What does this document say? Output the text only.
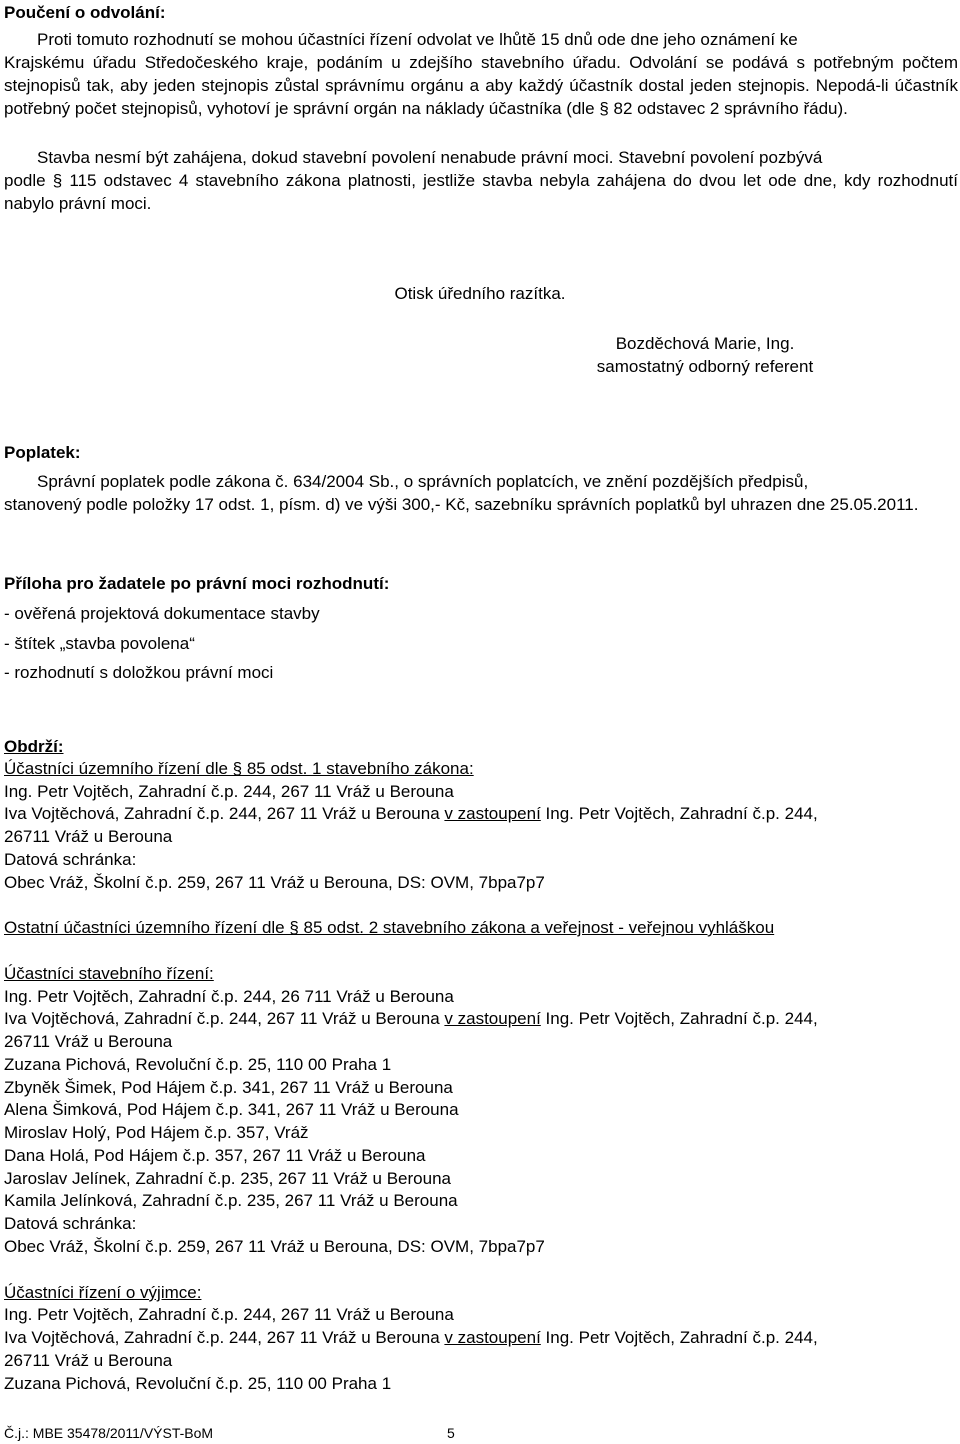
Poučení o odvolání:

Proti tomuto rozhodnutí se mohou účastníci řízení odvolat ve lhůtě 15 dnů ode dne jeho oznámení ke

Krajskému úřadu Středočeského kraje, podáním u zdejšího stavebního úřadu. Odvolání se podává s potřebným počtem stejnopisů tak, aby jeden stejnopis zůstal správnímu orgánu a aby každý účastník dostal jeden stejnopis. Nepodá-li účastník potřebný počet stejnopisů, vyhotoví je správní orgán na náklady účastníka (dle § 82 odstavec 2 správního řádu).

Stavba nesmí být zahájena, dokud stavební povolení nenabude právní moci. Stavební povolení pozbývá

podle § 115 odstavec 4 stavebního zákona platnosti, jestliže stavba nebyla zahájena do dvou let ode dne, kdy rozhodnutí nabylo právní moci.

Otisk úředního razítka.

Bozděchová Marie, Ing.

samostatný odborný referent

Poplatek:

Správní poplatek podle zákona č. 634/2004 Sb., o správních poplatcích, ve znění pozdějších předpisů,

stanovený podle položky 17 odst. 1, písm. d) ve výši 300,- Kč, sazebníku správních poplatků byl uhrazen dne 25.05.2011.

Příloha pro žadatele po právní moci rozhodnutí:

- ověřená projektová dokumentace stavby

- štítek „stavba povolena“

- rozhodnutí s doložkou právní moci

Obdrží:

Účastníci územního řízení dle § 85 odst. 1 stavebního zákona:

Ing. Petr Vojtěch, Zahradní č.p. 244, 267 11 Vráž u Berouna

Iva Vojtěchová, Zahradní č.p. 244, 267 11 Vráž u Berouna v zastoupení Ing. Petr Vojtěch, Zahradní č.p. 244,

26711 Vráž u Berouna

Datová schránka:

Obec Vráž, Školní č.p. 259, 267 11 Vráž u Berouna, DS: OVM, 7bpa7p7

Ostatní účastníci územního řízení dle § 85 odst. 2 stavebního zákona a veřejnost - veřejnou vyhláškou

Účastníci stavebního řízení:

Ing. Petr Vojtěch, Zahradní č.p. 244, 26 711 Vráž u Berouna

Iva Vojtěchová, Zahradní č.p. 244, 267 11 Vráž u Berouna v zastoupení Ing. Petr Vojtěch, Zahradní č.p. 244,

26711 Vráž u Berouna

Zuzana Pichová, Revoluční č.p. 25, 110 00 Praha 1

Zbyněk Šimek, Pod Hájem č.p. 341, 267 11 Vráž u Berouna

Alena Šimková, Pod Hájem č.p. 341, 267 11 Vráž u Berouna

Miroslav Holý, Pod Hájem č.p. 357, Vráž

Dana Holá, Pod Hájem č.p. 357, 267 11 Vráž u Berouna

Jaroslav Jelínek, Zahradní č.p. 235, 267 11 Vráž u Berouna

Kamila Jelínková, Zahradní č.p. 235, 267 11 Vráž u Berouna

Datová schránka:

Obec Vráž, Školní č.p. 259, 267 11 Vráž u Berouna, DS: OVM, 7bpa7p7

Účastníci řízení o výjimce:

Ing. Petr Vojtěch, Zahradní č.p. 244, 267 11 Vráž u Berouna

Iva Vojtěchová, Zahradní č.p. 244, 267 11 Vráž u Berouna v zastoupení Ing. Petr Vojtěch, Zahradní č.p. 244,

26711 Vráž u Berouna

Zuzana Pichová, Revoluční č.p. 25, 110 00 Praha 1

Č.j.: MBE 35478/2011/VÝST-BoM	5
